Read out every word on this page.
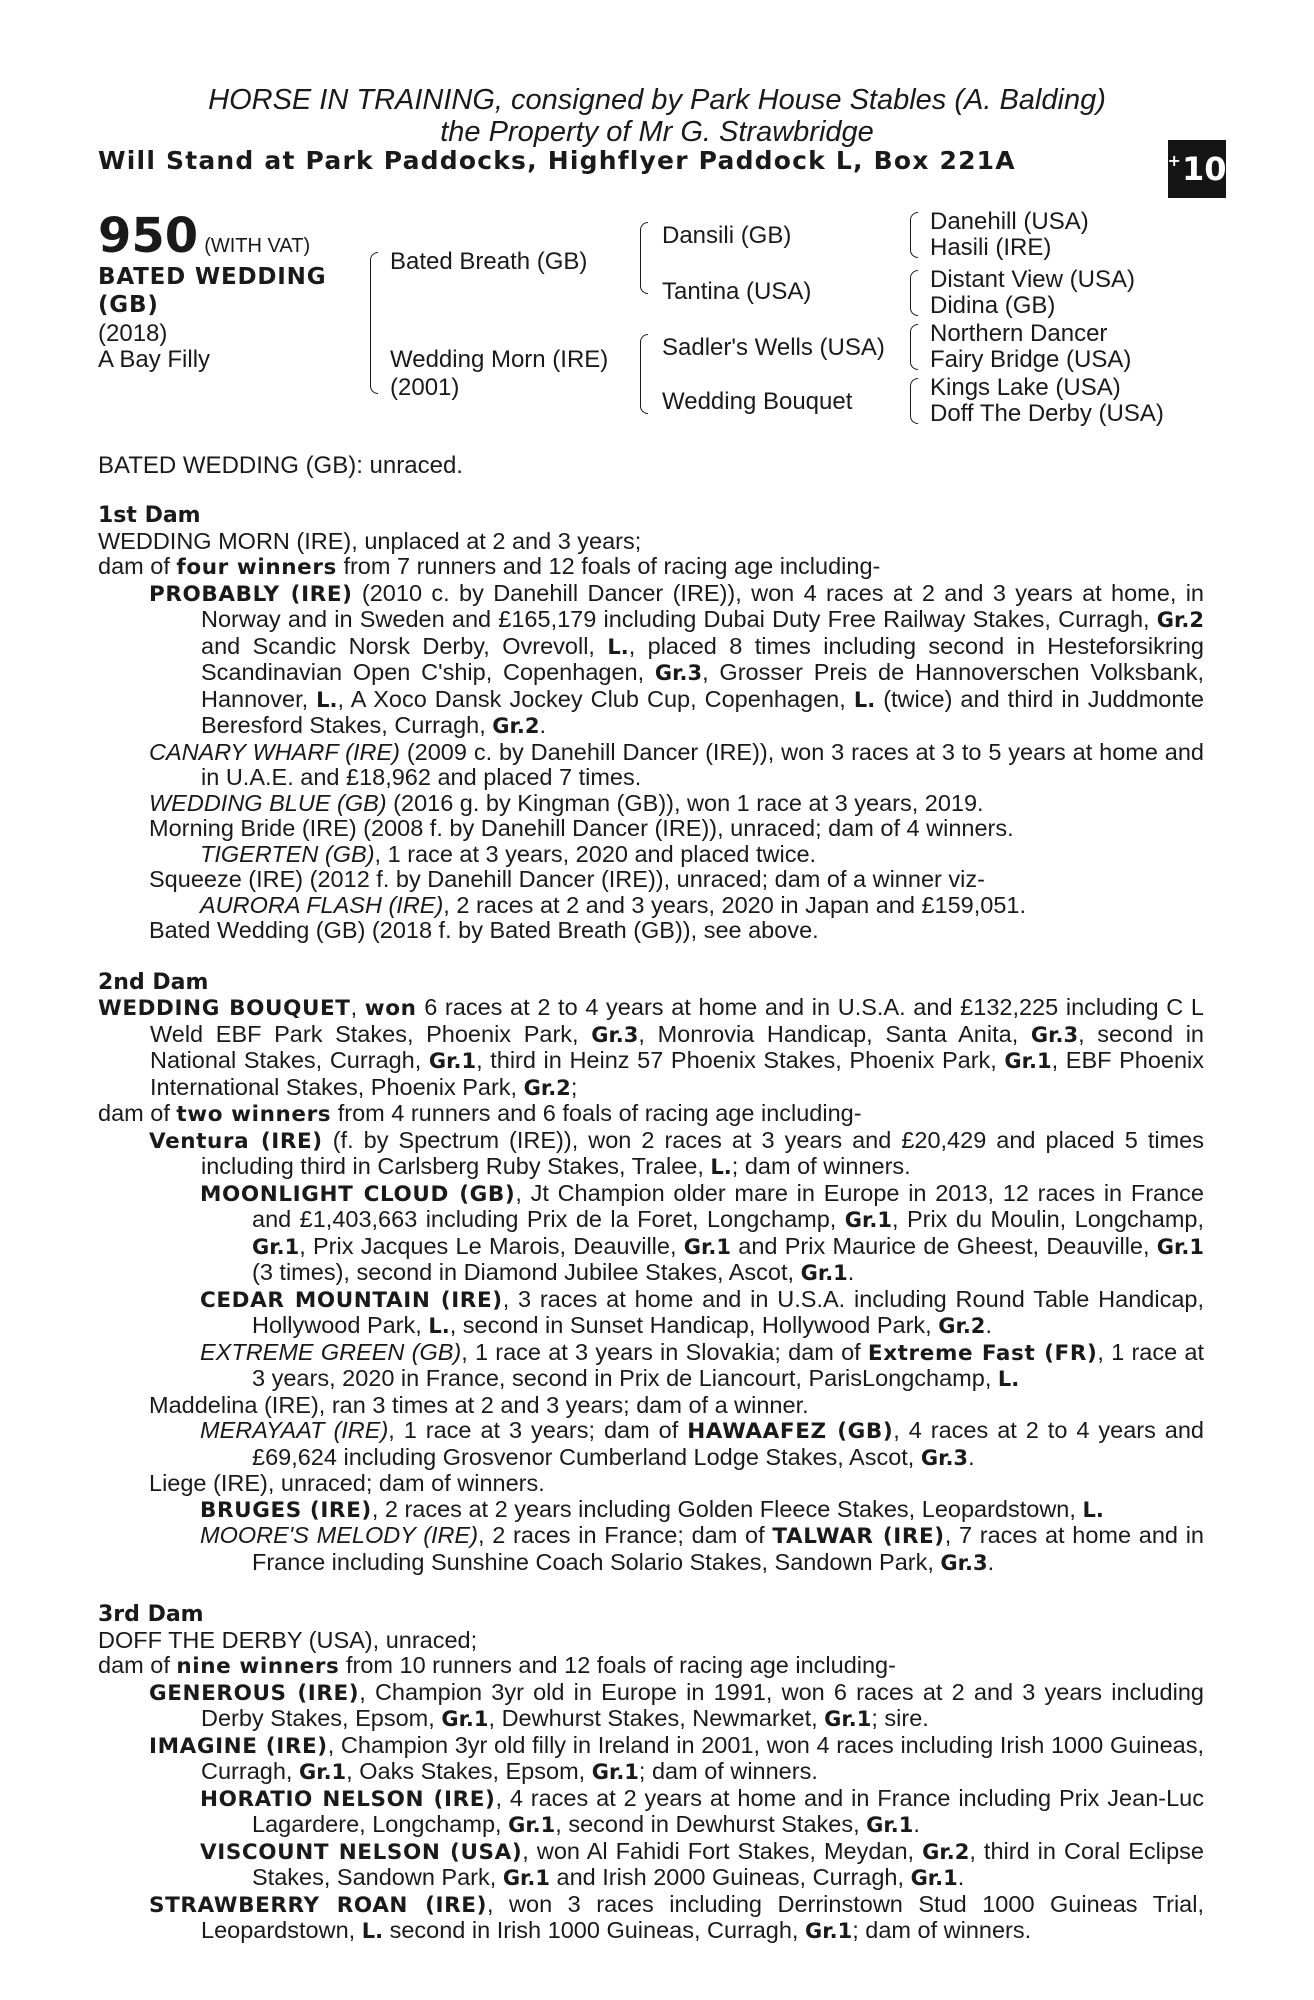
HORSE IN TRAINING, consigned by Park House Stables (A. Balding)
the Property of Mr G. Strawbridge
Will Stand at Park Paddocks, Highflyer Paddock L, Box 221A	+ 10
950 (WITH VAT)
BATED WEDDING
(GB)
(2018)
A Bay Filly
Bated Breath (GB)
Wedding Morn (IRE)
(2001)
Dansili (GB)
Tantina (USA)
Sadler's Wells (USA)
Wedding Bouquet
Danehill (USA)
Hasili (IRE)
Distant View (USA)
Didina (GB)
Northern Dancer
Fairy Bridge (USA)
Kings Lake (USA)
Doff The Derby (USA)
BATED WEDDING (GB): unraced.

1st Dam

WEDDING MORN (IRE), unplaced at 2 and 3 years;

dam of four winners from 7 runners and 12 foals of racing age including-

PROBABLY (IRE) (2010 c. by Danehill Dancer (IRE)), won 4 races at 2 and 3 years at home, in Norway and in Sweden and £165,179 including Dubai Duty Free Railway Stakes, Curragh, Gr.2 and Scandic Norsk Derby, Ovrevoll, L., placed 8 times including second in Hesteforsikring Scandinavian Open C'ship, Copenhagen, Gr.3, Grosser Preis de Hannoverschen Volksbank, Hannover, L., A Xoco Dansk Jockey Club Cup, Copenhagen, L. (twice) and third in Juddmonte Beresford Stakes, Curragh, Gr.2.

CANARY WHARF (IRE) (2009 c. by Danehill Dancer (IRE)), won 3 races at 3 to 5 years at home and in U.A.E. and £18,962 and placed 7 times.

WEDDING BLUE (GB) (2016 g. by Kingman (GB)), won 1 race at 3 years, 2019.

Morning Bride (IRE) (2008 f. by Danehill Dancer (IRE)), unraced; dam of 4 winners.

TIGERTEN (GB), 1 race at 3 years, 2020 and placed twice.

Squeeze (IRE) (2012 f. by Danehill Dancer (IRE)), unraced; dam of a winner viz-

AURORA FLASH (IRE), 2 races at 2 and 3 years, 2020 in Japan and £159,051.

Bated Wedding (GB) (2018 f. by Bated Breath (GB)), see above.

2nd Dam

WEDDING BOUQUET, won 6 races at 2 to 4 years at home and in U.S.A. and £132,225 including C L Weld EBF Park Stakes, Phoenix Park, Gr.3, Monrovia Handicap, Santa Anita, Gr.3, second in National Stakes, Curragh, Gr.1, third in Heinz 57 Phoenix Stakes, Phoenix Park, Gr.1, EBF Phoenix International Stakes, Phoenix Park, Gr.2;

dam of two winners from 4 runners and 6 foals of racing age including-

Ventura (IRE) (f. by Spectrum (IRE)), won 2 races at 3 years and £20,429 and placed 5 times including third in Carlsberg Ruby Stakes, Tralee, L.; dam of winners.

MOONLIGHT CLOUD (GB), Jt Champion older mare in Europe in 2013, 12 races in France and £1,403,663 including Prix de la Foret, Longchamp, Gr.1, Prix du Moulin, Longchamp, Gr.1, Prix Jacques Le Marois, Deauville, Gr.1 and Prix Maurice de Gheest, Deauville, Gr.1 (3 times), second in Diamond Jubilee Stakes, Ascot, Gr.1.

CEDAR MOUNTAIN (IRE), 3 races at home and in U.S.A. including Round Table Handicap, Hollywood Park, L., second in Sunset Handicap, Hollywood Park, Gr.2.

EXTREME GREEN (GB), 1 race at 3 years in Slovakia; dam of Extreme Fast (FR), 1 race at 3 years, 2020 in France, second in Prix de Liancourt, ParisLongchamp, L.

Maddelina (IRE), ran 3 times at 2 and 3 years; dam of a winner.

MERAYAAT (IRE), 1 race at 3 years; dam of HAWAAFEZ (GB), 4 races at 2 to 4 years and £69,624 including Grosvenor Cumberland Lodge Stakes, Ascot, Gr.3.

Liege (IRE), unraced; dam of winners.

BRUGES (IRE), 2 races at 2 years including Golden Fleece Stakes, Leopardstown, L.

MOORE'S MELODY (IRE), 2 races in France; dam of TALWAR (IRE), 7 races at home and in France including Sunshine Coach Solario Stakes, Sandown Park, Gr.3.

3rd Dam

DOFF THE DERBY (USA), unraced;

dam of nine winners from 10 runners and 12 foals of racing age including-

GENEROUS (IRE), Champion 3yr old in Europe in 1991, won 6 races at 2 and 3 years including Derby Stakes, Epsom, Gr.1, Dewhurst Stakes, Newmarket, Gr.1; sire.

IMAGINE (IRE), Champion 3yr old filly in Ireland in 2001, won 4 races including Irish 1000 Guineas, Curragh, Gr.1, Oaks Stakes, Epsom, Gr.1; dam of winners.

HORATIO NELSON (IRE), 4 races at 2 years at home and in France including Prix Jean-Luc Lagardere, Longchamp, Gr.1, second in Dewhurst Stakes, Gr.1.

VISCOUNT NELSON (USA), won Al Fahidi Fort Stakes, Meydan, Gr.2, third in Coral Eclipse Stakes, Sandown Park, Gr.1 and Irish 2000 Guineas, Curragh, Gr.1.

STRAWBERRY ROAN (IRE), won 3 races including Derrinstown Stud 1000 Guineas Trial, Leopardstown, L. second in Irish 1000 Guineas, Curragh, Gr.1; dam of winners.
